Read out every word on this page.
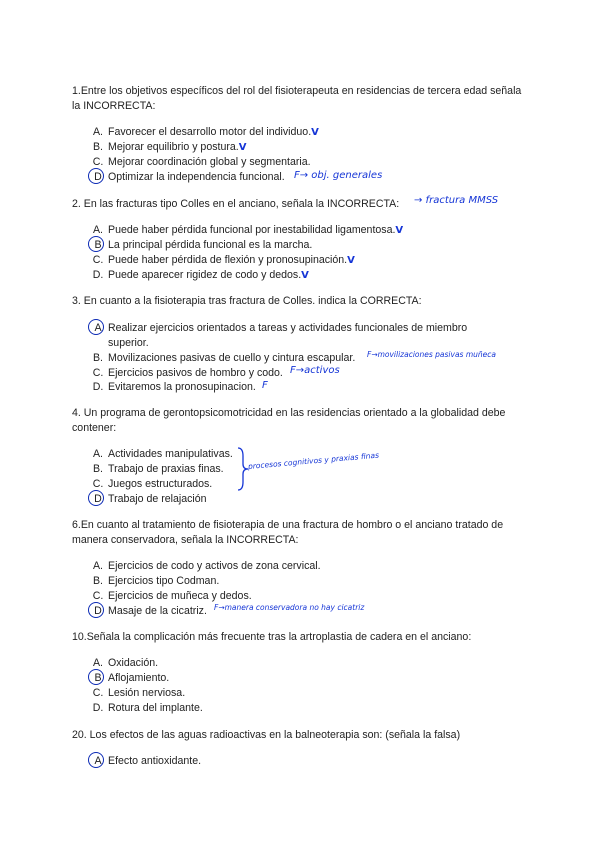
1.Entre los objetivos específicos del rol del fisioterapeuta en residencias de tercera edad señala la INCORRECTA:
A. Favorecer el desarrollo motor del individuo.V
B. Mejorar equilibrio y postura.V
C. Mejorar coordinación global y segmentaria.
D Optimizar la independencia funcional. F→ obj. generales
2. En las fracturas tipo Colles en el anciano, señala la INCORRECTA:	→ fractura MMSS
A. Puede haber pérdida funcional por inestabilidad ligamentosa.V
B La principal pérdida funcional es la marcha.
C. Puede haber pérdida de flexión y pronosupinación.V
D. Puede aparecer rigidez de codo y dedos.V
3. En cuanto a la fisioterapia tras fractura de Colles. indica la CORRECTA:
A Realizar ejercicios orientados a tareas y actividades funcionales de miembro superior.
B. Movilizaciones pasivas de cuello y cintura escapular. F→movilizaciones pasivas muñeca
C. Ejercicios pasivos de hombro y codo. F→activos
D. Evitaremos la pronosupinacion. F
4. Un programa de gerontopsicomotricidad en las residencias orientado a la globalidad debe contener:
A. Actividades manipulativas.
B. Trabajo de praxias finas.
C. Juegos estructurados.
D Trabajo de relajación
procesos cognitivos y praxias finas
6.En cuanto al tratamiento de fisioterapia de una fractura de hombro o el anciano tratado de manera conservadora, señala la INCORRECTA:
A. Ejercicios de codo y activos de zona cervical.
B. Ejercicios tipo Codman.
C. Ejercicios de muñeca y dedos.
D Masaje de la cicatriz. F→manera conservadora no hay cicatriz
10.Señala la complicación más frecuente tras la artroplastia de cadera en el anciano:
A. Oxidación.
B Aflojamiento.
C. Lesión nerviosa.
D. Rotura del implante.
20. Los efectos de las aguas radioactivas en la balneoterapia son: (señala la falsa)
A Efecto antioxidante.
